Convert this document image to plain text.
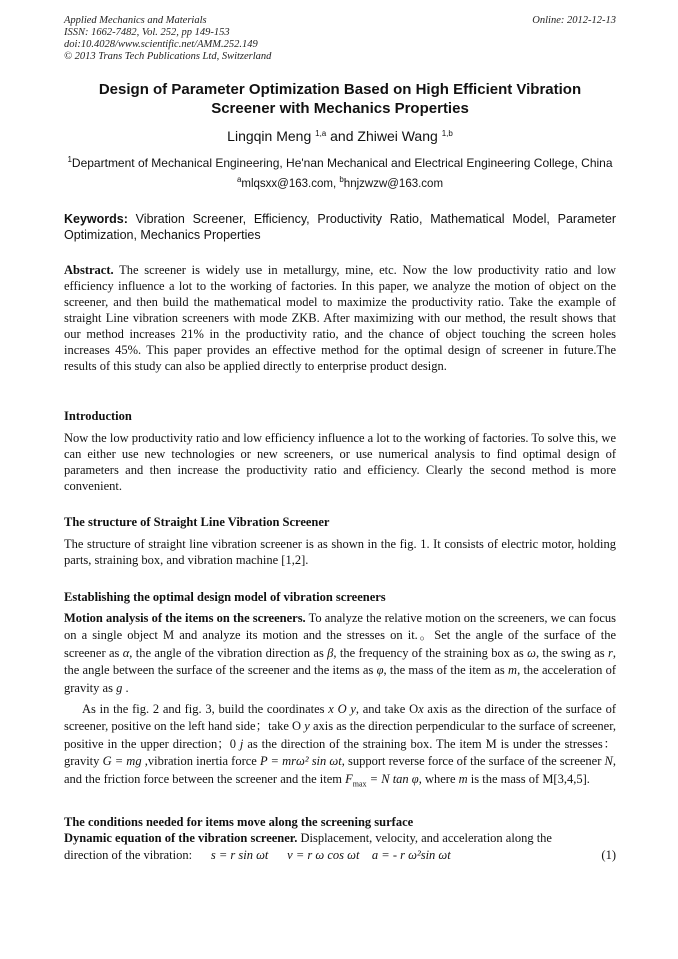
Applied Mechanics and Materials
ISSN: 1662-7482, Vol. 252, pp 149-153
doi:10.4028/www.scientific.net/AMM.252.149
© 2013 Trans Tech Publications Ltd, Switzerland
Online: 2012-12-13
Design of Parameter Optimization Based on High Efficient Vibration
Screener with Mechanics Properties
Lingqin Meng $^{1,a}$ and Zhiwei Wang $^{1,b}$
$^1$Department of Mechanical Engineering, He'nan Mechanical and Electrical Engineering College, China
$^a$mlqsxx@163.com, $^b$hnjzwzw@163.com
Keywords: Vibration Screener, Efficiency, Productivity Ratio, Mathematical Model, Parameter Optimization, Mechanics Properties
Abstract. The screener is widely use in metallurgy, mine, etc. Now the low productivity ratio and low efficiency influence a lot to the working of factories. In this paper, we analyze the motion of object on the screener, and then build the mathematical model to maximize the productivity ratio. Take the example of straight Line vibration screeners with mode ZKB. After maximizing with our method, the result shows that our method increases 21% in the productivity ratio, and the chance of object touching the screen holes increases 45%. This paper provides an effective method for the optimal design of screener in future.The results of this study can also be applied directly to enterprise product design.
Introduction
Now the low productivity ratio and low efficiency influence a lot to the working of factories. To solve this, we can either use new technologies or new screeners, or use numerical analysis to find optimal design of parameters and then increase the productivity ratio and efficiency. Clearly the second method is more convenient.
The structure of Straight Line Vibration Screener
The structure of straight line vibration screener is as shown in the fig. 1. It consists of electric motor, holding parts, straining box, and vibration machine [1,2].
Establishing the optimal design model of vibration screeners
Motion analysis of the items on the screeners. To analyze the relative motion on the screeners, we can focus on a single object M and analyze its motion and the stresses on it.。Set the angle of the surface of the screener as α, the angle of the vibration direction as β, the frequency of the straining box as ω, the swing as r, the angle between the surface of the screener and the items as φ, the mass of the item as m, the acceleration of gravity as g .
As in the fig. 2 and fig. 3, build the coordinates x O y, and take Ox axis as the direction of the surface of screener, positive on the left hand side；take O y axis as the direction perpendicular to the surface of screener, positive in the upper direction；0 j as the direction of the straining box. The item M is under the stresses：gravity G = mg ,vibration inertia force P = mrω² sin ωt, support reverse force of the surface of the screener N, and the friction force between the screener and the item $F_{max} = N$ tan φ, where m is the mass of M[3,4,5].
The conditions needed for items move along the screening surface
Dynamic equation of the vibration screener. Displacement, velocity, and acceleration along the
direction of the vibration: s = r sin ωt v = r ω cos ωt a = - r ω²sin ωt	(1)
